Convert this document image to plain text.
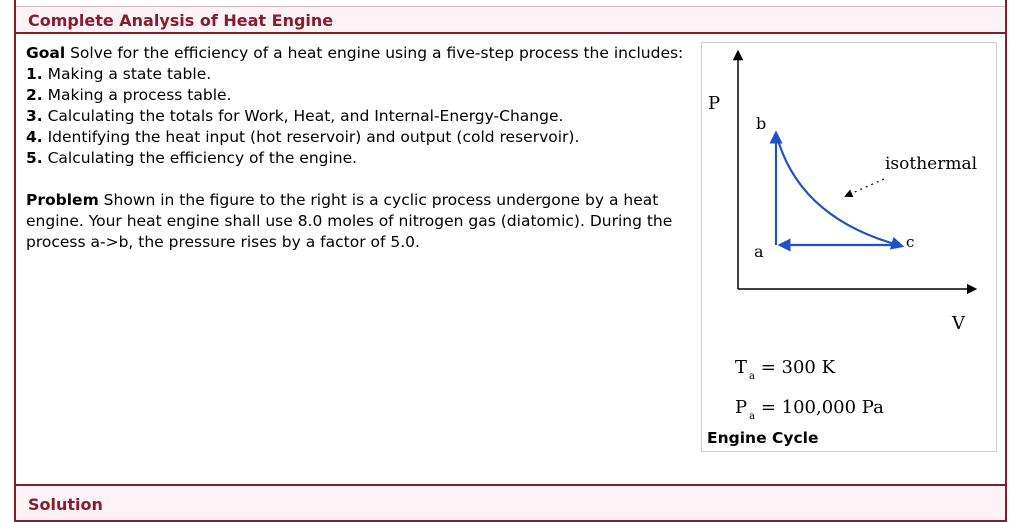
Complete Analysis of Heat Engine

Goal Solve for the efficiency of a heat engine using a five-step process the includes:

1. Making a state table.

2. Making a process table.

3. Calculating the totals for Work, Heat, and Internal-Energy-Change.

4. Identifying the heat input (hot reservoir) and output (cold reservoir).

5. Calculating the efficiency of the engine.

Problem Shown in the figure to the right is a cyclic process undergone by a heat engine. Your heat engine shall use 8.0 moles of nitrogen gas (diatomic). During the process a->b, the pressure rises by a factor of 5.0.

P
V
b
a	c
isothermal
T $_a$ = 300 K
P $_a$ = 100,000 Pa
Engine Cycle
Solution
